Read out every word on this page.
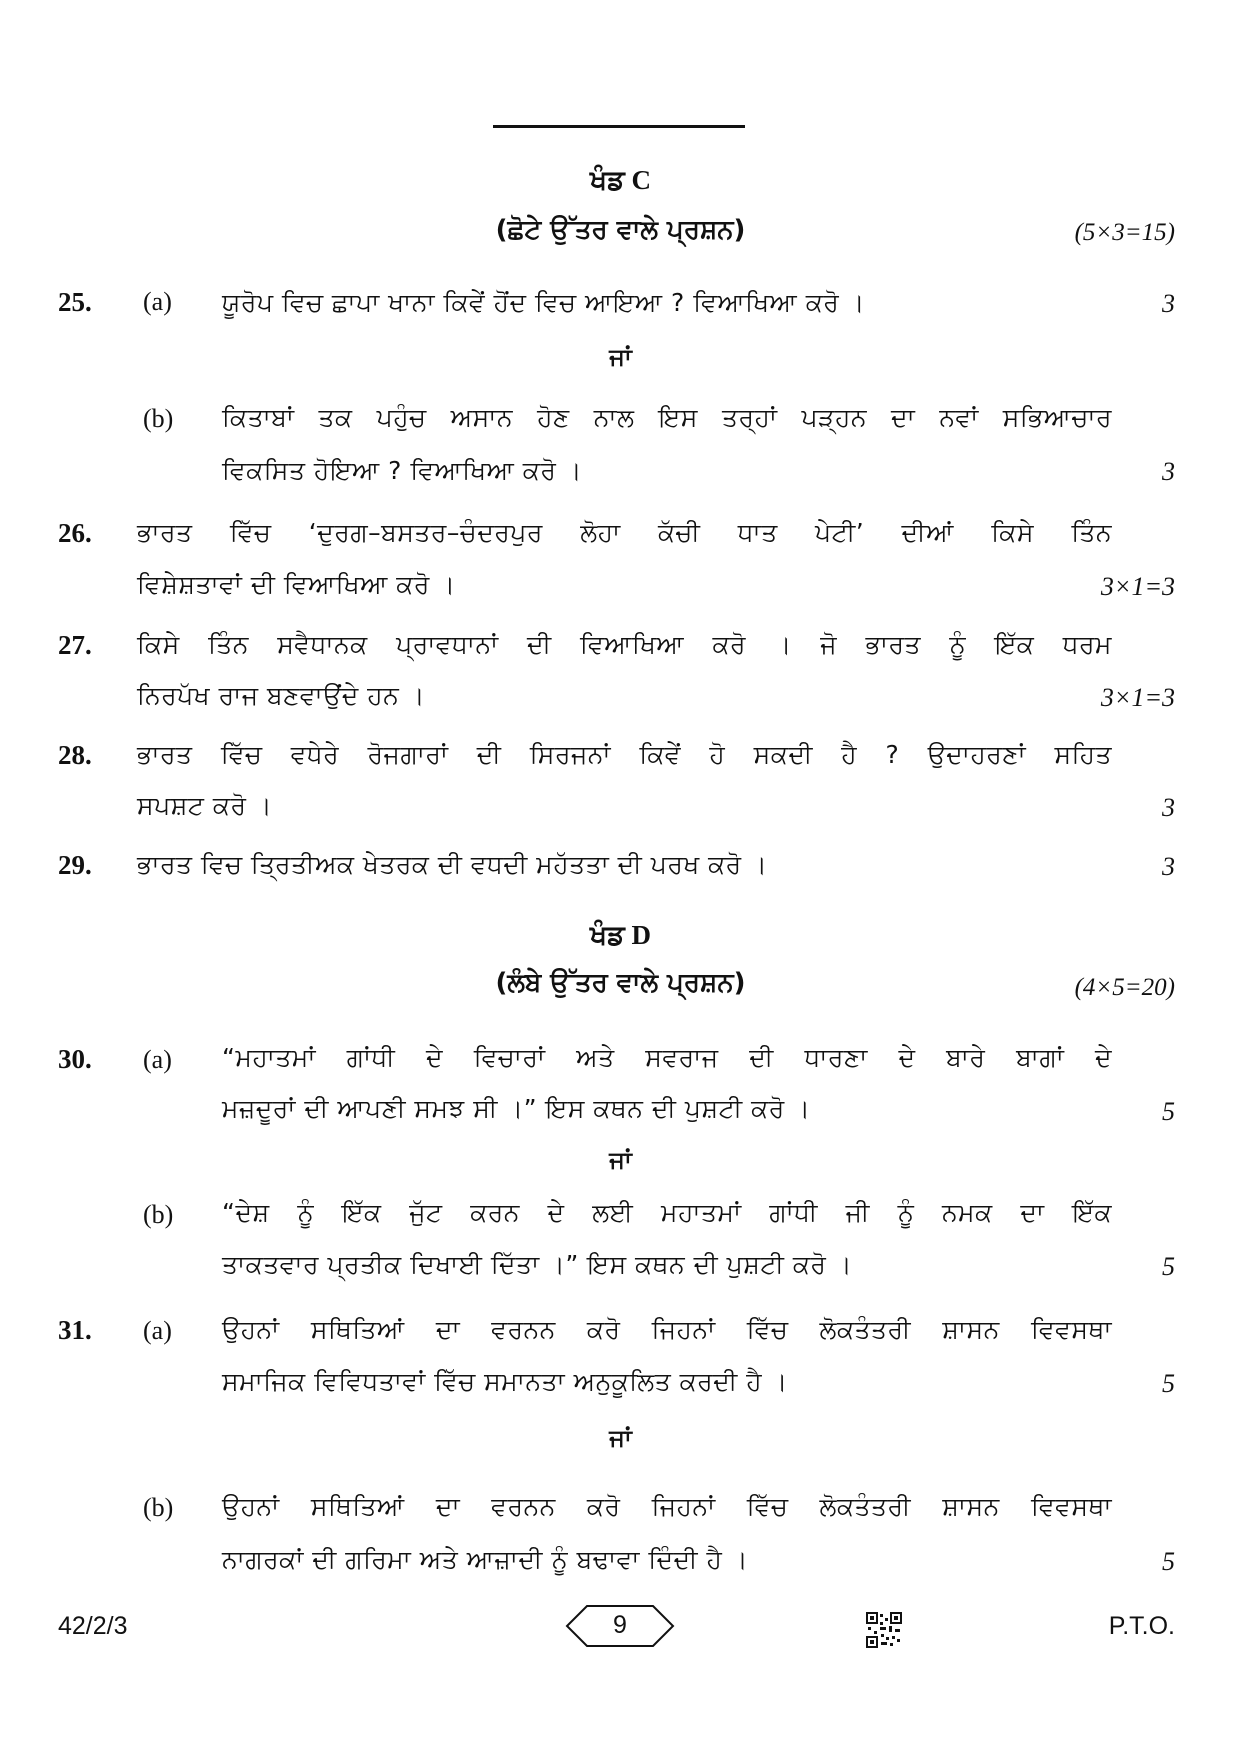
ਖੰਡ C
(ਛੋਟੇ ਉੱਤਰ ਵਾਲੇ ਪ੍ਰਸ਼ਨ)	(5×3=15)
25. (a) ਯੂਰੋਪ ਵਿਚ ਛਾਪਾ ਖਾਨਾ ਕਿਵੇਂ ਹੋਂਦ ਵਿਚ ਆਇਆ ? ਵਿਆਖਿਆ ਕਰੋ ।	3
ਜਾਂ
(b) ਕਿਤਾਬਾਂ ਤਕ ਪਹੁੰਚ ਅਸਾਨ ਹੋਣ ਨਾਲ ਇਸ ਤਰ੍ਹਾਂ ਪੜ੍ਹਨ ਦਾ ਨਵਾਂ ਸਭਿਆਚਾਰ
ਵਿਕਸਿਤ ਹੋਇਆ ? ਵਿਆਖਿਆ ਕਰੋ ।	3
26. ਭਾਰਤ ਵਿੱਚ ‘ਦੁਰਗ–ਬਸਤਰ–ਚੰਦਰਪੁਰ ਲੋਹਾ ਕੱਚੀ ਧਾਤ ਪੇਟੀ’ ਦੀਆਂ ਕਿਸੇ ਤਿੰਨ
ਵਿਸ਼ੇਸ਼ਤਾਵਾਂ ਦੀ ਵਿਆਖਿਆ ਕਰੋ ।	3×1=3
27. ਕਿਸੇ ਤਿੰਨ ਸਵੈਧਾਨਕ ਪ੍ਰਾਵਧਾਨਾਂ ਦੀ ਵਿਆਖਿਆ ਕਰੋ । ਜੋ ਭਾਰਤ ਨੂੰ ਇੱਕ ਧਰਮ
ਨਿਰਪੱਖ ਰਾਜ ਬਣਵਾਉਂਦੇ ਹਨ ।	3×1=3
28. ਭਾਰਤ ਵਿੱਚ ਵਧੇਰੇ ਰੋਜਗਾਰਾਂ ਦੀ ਸਿਰਜਨਾਂ ਕਿਵੇਂ ਹੋ ਸਕਦੀ ਹੈ ? ਉਦਾਹਰਣਾਂ ਸਹਿਤ
ਸਪਸ਼ਟ ਕਰੋ ।	3
29. ਭਾਰਤ ਵਿਚ ਤ੍ਰਿਤੀਅਕ ਖੇਤਰਕ ਦੀ ਵਧਦੀ ਮਹੱਤਤਾ ਦੀ ਪਰਖ ਕਰੋ ।	3
ਖੰਡ D
(ਲੰਬੇ ਉੱਤਰ ਵਾਲੇ ਪ੍ਰਸ਼ਨ)	(4×5=20)
30. (a) “ਮਹਾਤਮਾਂ ਗਾਂਧੀ ਦੇ ਵਿਚਾਰਾਂ ਅਤੇ ਸਵਰਾਜ ਦੀ ਧਾਰਣਾ ਦੇ ਬਾਰੇ ਬਾਗਾਂ ਦੇ
ਮਜ਼ਦੂਰਾਂ ਦੀ ਆਪਣੀ ਸਮਝ ਸੀ ।” ਇਸ ਕਥਨ ਦੀ ਪੁਸ਼ਟੀ ਕਰੋ ।	5
ਜਾਂ
(b) “ਦੇਸ਼ ਨੂੰ ਇੱਕ ਜੁੱਟ ਕਰਨ ਦੇ ਲਈ ਮਹਾਤਮਾਂ ਗਾਂਧੀ ਜੀ ਨੂੰ ਨਮਕ ਦਾ ਇੱਕ
ਤਾਕਤਵਾਰ ਪ੍ਰਤੀਕ ਦਿਖਾਈ ਦਿੱਤਾ ।” ਇਸ ਕਥਨ ਦੀ ਪੁਸ਼ਟੀ ਕਰੋ ।	5
31. (a) ਉਹਨਾਂ ਸਥਿਤਿਆਂ ਦਾ ਵਰਨਨ ਕਰੋ ਜਿਹਨਾਂ ਵਿੱਚ ਲੋਕਤੰਤਰੀ ਸ਼ਾਸਨ ਵਿਵਸਥਾ
ਸਮਾਜਿਕ ਵਿਵਿਧਤਾਵਾਂ ਵਿੱਚ ਸਮਾਨਤਾ ਅਨੁਕੂਲਿਤ ਕਰਦੀ ਹੈ ।	5
ਜਾਂ
(b) ਉਹਨਾਂ ਸਥਿਤਿਆਂ ਦਾ ਵਰਨਨ ਕਰੋ ਜਿਹਨਾਂ ਵਿੱਚ ਲੋਕਤੰਤਰੀ ਸ਼ਾਸਨ ਵਿਵਸਥਾ
ਨਾਗਰਕਾਂ ਦੀ ਗਰਿਮਾ ਅਤੇ ਆਜ਼ਾਦੀ ਨੂੰ ਬਢਾਵਾ ਦਿੰਦੀ ਹੈ ।	5
42/2/3	9	P.T.O.
